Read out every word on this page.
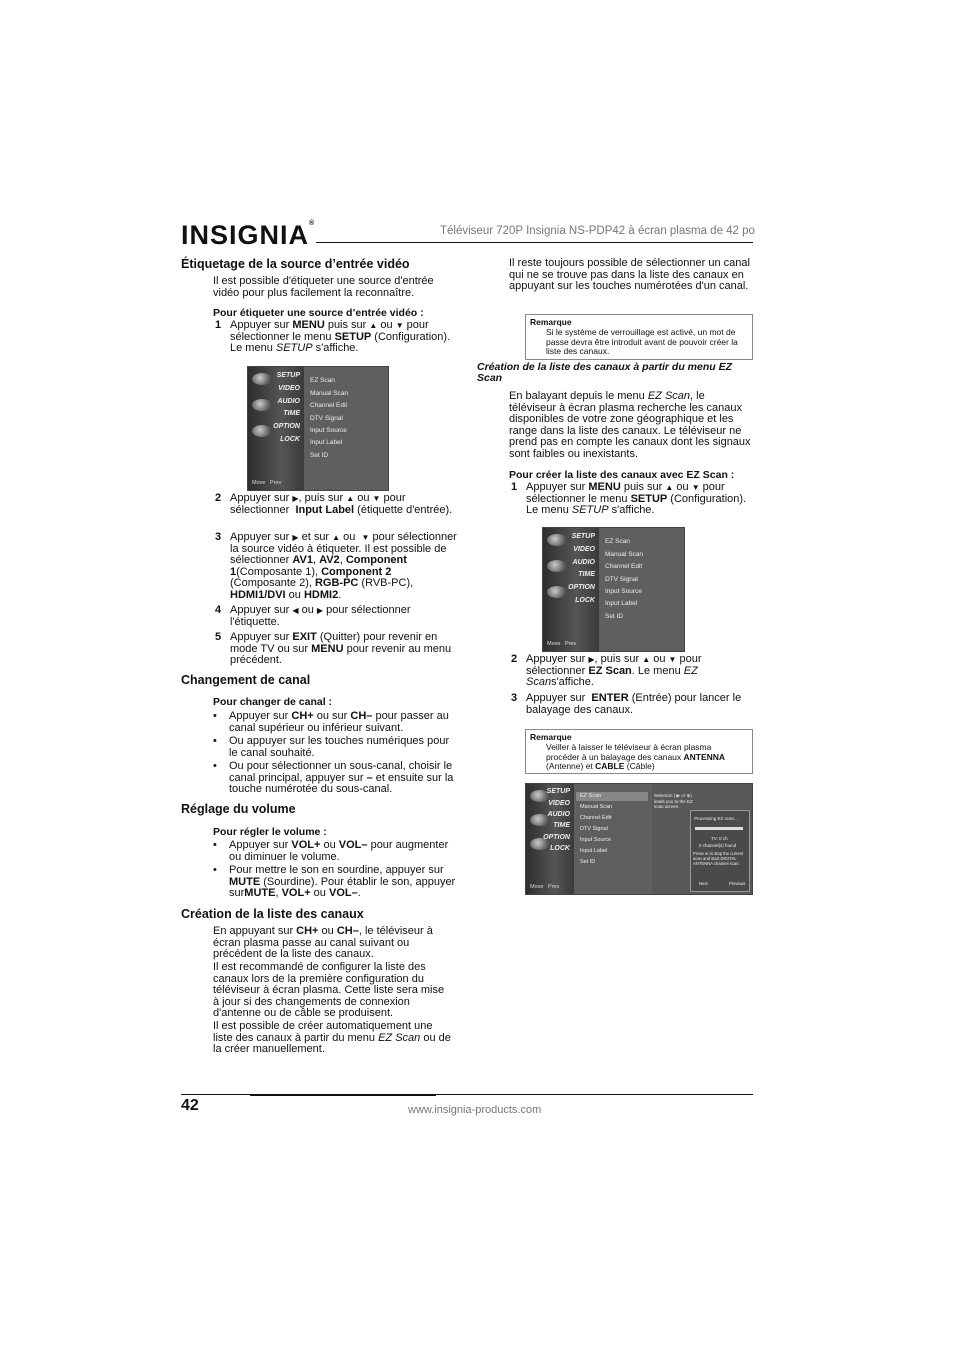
INSIGNIA®
Téléviseur 720P Insignia NS-PDP42 à écran plasma de 42 po
Étiquetage de la source d’entrée vidéo

Il est possible d'étiqueter une source d'entrée vidéo pour plus facilement la reconnaître.

Pour étiqueter une source d’entrée vidéo :
1 Appuyer sur MENU puis sur ▲ ou ▼ pour sélectionner le menu SETUP (Configuration). Le menu SETUP s'affiche.
SETUP
VIDEO
AUDIO
TIME
OPTION
LOCK
EZ Scan
Manual Scan
Channel Edit
DTV Signal
Input Source
Input Label
Set ID
Move Prev
2 Appuyer sur ▶, puis sur ▲ ou ▼ pour sélectionner  Input Label (étiquette d'entrée).
3 Appuyer sur ▶ et sur ▲ ou  ▼ pour sélectionner la source vidéo à étiqueter. Il est possible de sélectionner AV1, AV2, Component 1(Composante 1), Component 2 (Composante 2), RGB-PC (RVB-PC), HDMI1/DVI ou HDMI2.
4 Appuyer sur ◀ ou ▶ pour sélectionner l'étiquette.
5 Appuyer sur EXIT (Quitter) pour revenir en mode TV ou sur MENU pour revenir au menu précédent.
Changement de canal
Pour changer de canal :
• Appuyer sur CH+ ou sur CH– pour passer au canal supérieur ou inférieur suivant.
• Ou appuyer sur les touches numériques pour le canal souhaité.
• Ou pour sélectionner un sous-canal, choisir le canal principal, appuyer sur – et ensuite sur la touche numérotée du sous-canal.
Réglage du volume
Pour régler le volume :
• Appuyer sur VOL+ ou VOL– pour augmenter ou diminuer le volume.
• Pour mettre le son en sourdine, appuyer sur MUTE (Sourdine). Pour établir le son, appuyer surMUTE, VOL+ ou VOL–.
Création de la liste des canaux

En appuyant sur CH+ ou CH–, le téléviseur à écran plasma passe au canal suivant ou précédent de la liste des canaux.

Il est recommandé de configurer la liste des canaux lors de la première configuration du téléviseur à écran plasma. Cette liste sera mise à jour si des changements de connexion d'antenne ou de câble se produisent.

Il est possible de créer automatiquement une liste des canaux à partir du menu EZ Scan ou de la créer manuellement.

Il reste toujours possible de sélectionner un canal qui ne se trouve pas dans la liste des canaux en appuyant sur les touches numérotées d'un canal.

Remarque
Si le système de verrouillage est activé, un mot de passe devra être introduit avant de pouvoir créer la liste des canaux.
Création de la liste des canaux à partir du menu EZ Scan

En balayant depuis le menu EZ Scan, le téléviseur à écran plasma recherche les canaux disponibles de votre zone géographique et les range dans la liste des canaux. Le téléviseur ne prend pas en compte les canaux dont les signaux sont faibles ou inexistants.

Pour créer la liste des canaux avec EZ Scan :
1 Appuyer sur MENU puis sur ▲ ou ▼ pour sélectionner le menu SETUP (Configuration). Le menu SETUP s'affiche.
SETUP
VIDEO
AUDIO
TIME
OPTION
LOCK
EZ Scan
Manual Scan
Channel Edit
DTV Signal
Input Source
Input Label
Set ID
Move Prev
2 Appuyer sur ▶, puis sur ▲ ou ▼ pour sélectionner EZ Scan. Le menu EZ Scans'affiche.
3 Appuyer sur  ENTER (Entrée) pour lancer le balayage des canaux.
Remarque
Veiller à laisser le téléviseur à écran plasma procéder à un balayage des canaux ANTENNA (Antenne) et CABLE (Câble)
SETUP
VIDEO
AUDIO
TIME
OPTION
LOCK
EZ Scan
Manual Scan
Channel Edit
DTV Signal
Input Source
Input Label
Set ID
Selection ( ▶ or ⊕) leads you to the EZ scan screen.
Processing EZ scan...
TV: 0 ch
0 channel(s) found
Press ⊕ to stop the current scan and start DIGITAL ANTENNA channel scan.
Next	Previous
Move Prev
42	www.insignia-products.com
